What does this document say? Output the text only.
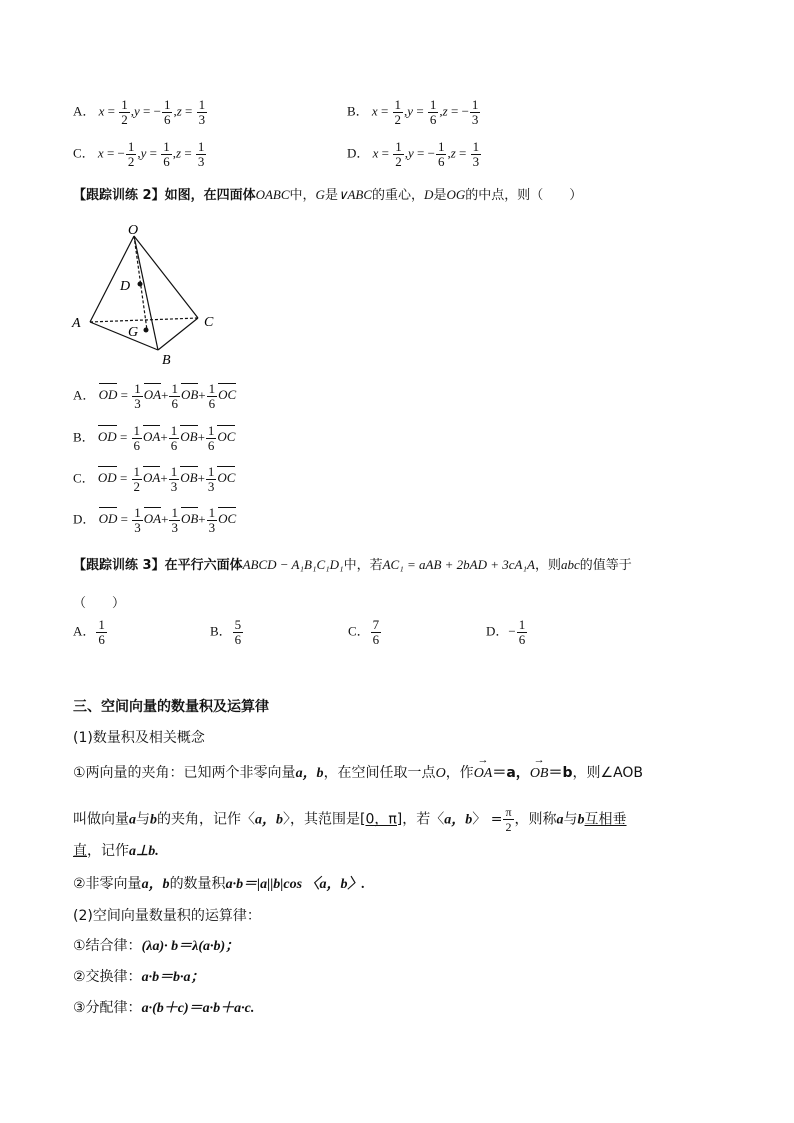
A． $x = \frac{1}{2} ,y$ = − $\frac{1}{6} ,z = \frac{1}{3}$	B． $x = \frac{1}{2} ,y = \frac{1}{6} ,z$ = − $\frac{1}{3}$
C． x = − $\frac{1}{2} ,y = \frac{1}{6} ,z = \frac{1}{3}$	D． $x = \frac{1}{2} ,y$ = − $\frac{1}{6} ,z = \frac{1}{3}$
【跟踪训练 2】如图，在四面体OABC中，G是∨ABC的重心，D是OG的中点，则（　　）
O
A
B
C
D
G
A． OD = $\frac{1}{3} OA+ \frac{1}{6} OB+ \frac{1}{6}$ OC
B． OD = $\frac{1}{6} OA+ \frac{1}{6} OB+ \frac{1}{6}$ OC
C． OD = $\frac{1}{2} OA+ \frac{1}{3} OB+ \frac{1}{3}$ OC
D． OD = $\frac{1}{3} OA+ \frac{1}{3} OB+ \frac{1}{3}$ OC
【跟踪训练 3】在平行六面体ABCD − A₁B₁C₁D₁中，若AC₁ = aAB + 2bAD + 3cA₁A，则abc的值等于
（　　）
A． $\frac{1}{6}$	B． $\frac{5}{6}$	C． $\frac{7}{6}$	D．− $\frac{1}{6}$
三、空间向量的数量积及运算律
(1)数量积及相关概念
①两向量的夹角：已知两个非零向量a，b，在空间任取一点O，作→ OA＝a，→ OB＝b，则∠AOB
叫做向量a与b的夹角，记作〈a，b〉，其范围是[0，π]，若〈a，b〉 = $\frac{\pi}{2}$ ，则称a与b互相垂
直，记作a⊥b.
②非零向量a，b的数量积a·b＝|a||b|cos 〈a，b〉.
(2)空间向量数量积的运算律：
①结合律：(λa)· b＝λ(a·b)；
②交换律：a·b＝b·a；
③分配律：a·(b＋c)＝a·b＋a·c.
